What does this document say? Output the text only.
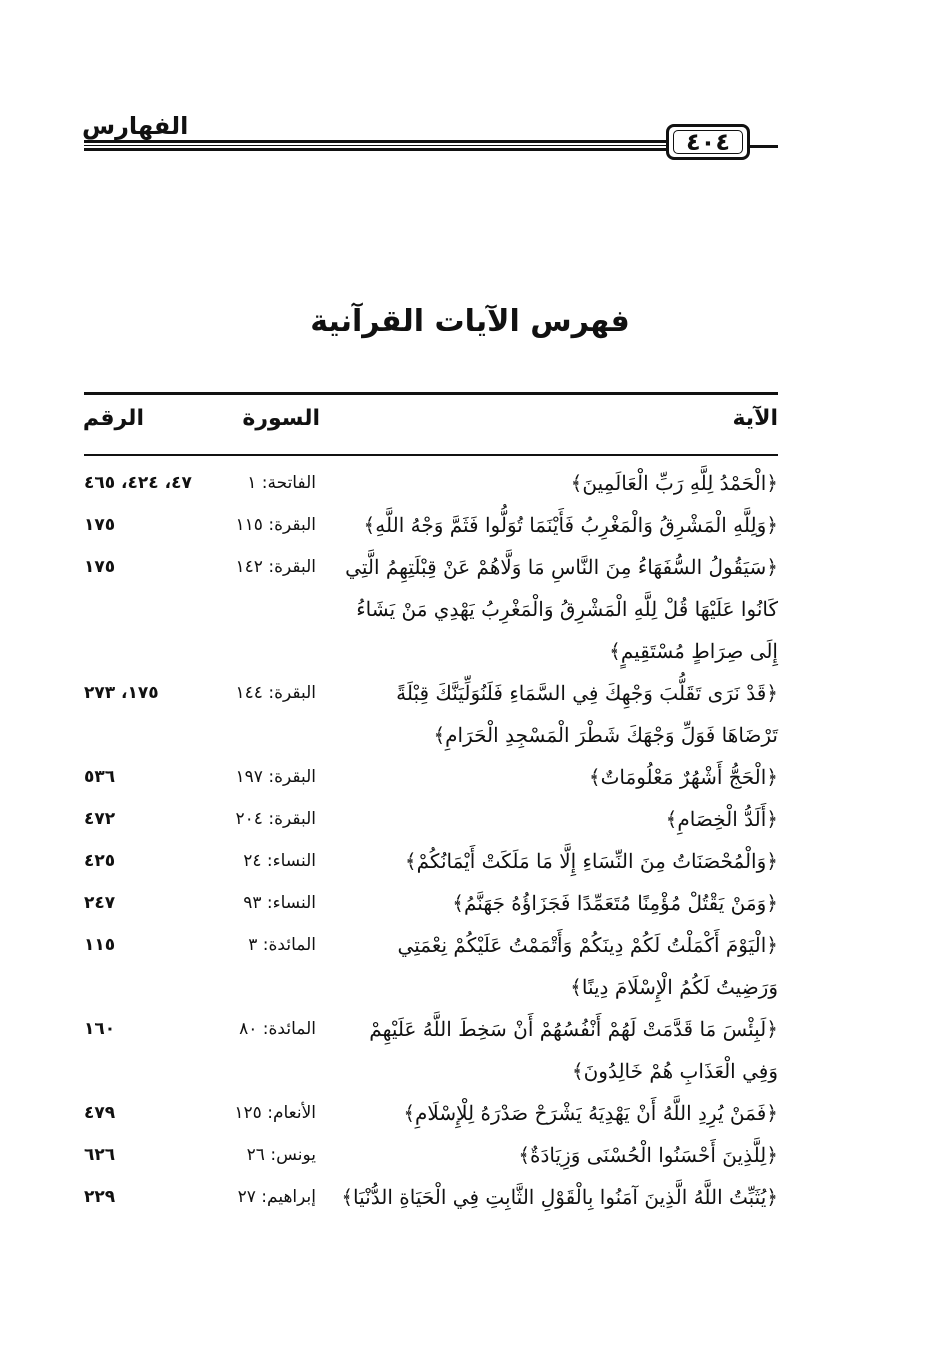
الفهارس
٤٠٤
فهرس الآيات القرآنية
الآية
السورة
الرقم
﴿الْحَمْدُ لِلَّهِ رَبِّ الْعَالَمِينَ﴾
الفاتحة: ١
٤٧، ٤٢٤، ٤٦٥
﴿وَلِلَّهِ الْمَشْرِقُ وَالْمَغْرِبُ فَأَيْنَمَا تُوَلُّوا فَثَمَّ وَجْهُ اللَّهِ﴾
البقرة: ١١٥
١٧٥
﴿سَيَقُولُ السُّفَهَاءُ مِنَ النَّاسِ مَا وَلَّاهُمْ عَنْ قِبْلَتِهِمُ الَّتِي كَانُوا عَلَيْهَا قُلْ لِلَّهِ الْمَشْرِقُ وَالْمَغْرِبُ يَهْدِي مَنْ يَشَاءُ إِلَى صِرَاطٍ مُسْتَقِيمٍ﴾
البقرة: ١٤٢
١٧٥
﴿قَدْ نَرَى تَقَلُّبَ وَجْهِكَ فِي السَّمَاءِ فَلَنُوَلِّيَنَّكَ قِبْلَةً تَرْضَاهَا فَوَلِّ وَجْهَكَ شَطْرَ الْمَسْجِدِ الْحَرَامِ﴾
البقرة: ١٤٤
١٧٥، ٢٧٣
﴿الْحَجُّ أَشْهُرٌ مَعْلُومَاتٌ﴾
البقرة: ١٩٧
٥٣٦
﴿أَلَدُّ الْخِصَامِ﴾
البقرة: ٢٠٤
٤٧٢
﴿وَالْمُحْصَنَاتُ مِنَ النِّسَاءِ إِلَّا مَا مَلَكَتْ أَيْمَانُكُمْ﴾
النساء: ٢٤
٤٢٥
﴿وَمَنْ يَقْتُلْ مُؤْمِنًا مُتَعَمِّدًا فَجَزَاؤُهُ جَهَنَّمُ﴾
النساء: ٩٣
٢٤٧
﴿الْيَوْمَ أَكْمَلْتُ لَكُمْ دِينَكُمْ وَأَتْمَمْتُ عَلَيْكُمْ نِعْمَتِي وَرَضِيتُ لَكُمُ الْإِسْلَامَ دِينًا﴾
المائدة: ٣
١١٥
﴿لَبِئْسَ مَا قَدَّمَتْ لَهُمْ أَنْفُسُهُمْ أَنْ سَخِطَ اللَّهُ عَلَيْهِمْ وَفِي الْعَذَابِ هُمْ خَالِدُونَ﴾
المائدة: ٨٠
١٦٠
﴿فَمَنْ يُرِدِ اللَّهُ أَنْ يَهْدِيَهُ يَشْرَحْ صَدْرَهُ لِلْإِسْلَامِ﴾
الأنعام: ١٢٥
٤٧٩
﴿لِلَّذِينَ أَحْسَنُوا الْحُسْنَى وَزِيَادَةٌ﴾
يونس: ٢٦
٦٢٦
﴿يُثَبِّتُ اللَّهُ الَّذِينَ آمَنُوا بِالْقَوْلِ الثَّابِتِ فِي الْحَيَاةِ الدُّنْيَا﴾
إبراهيم: ٢٧
٢٢٩
